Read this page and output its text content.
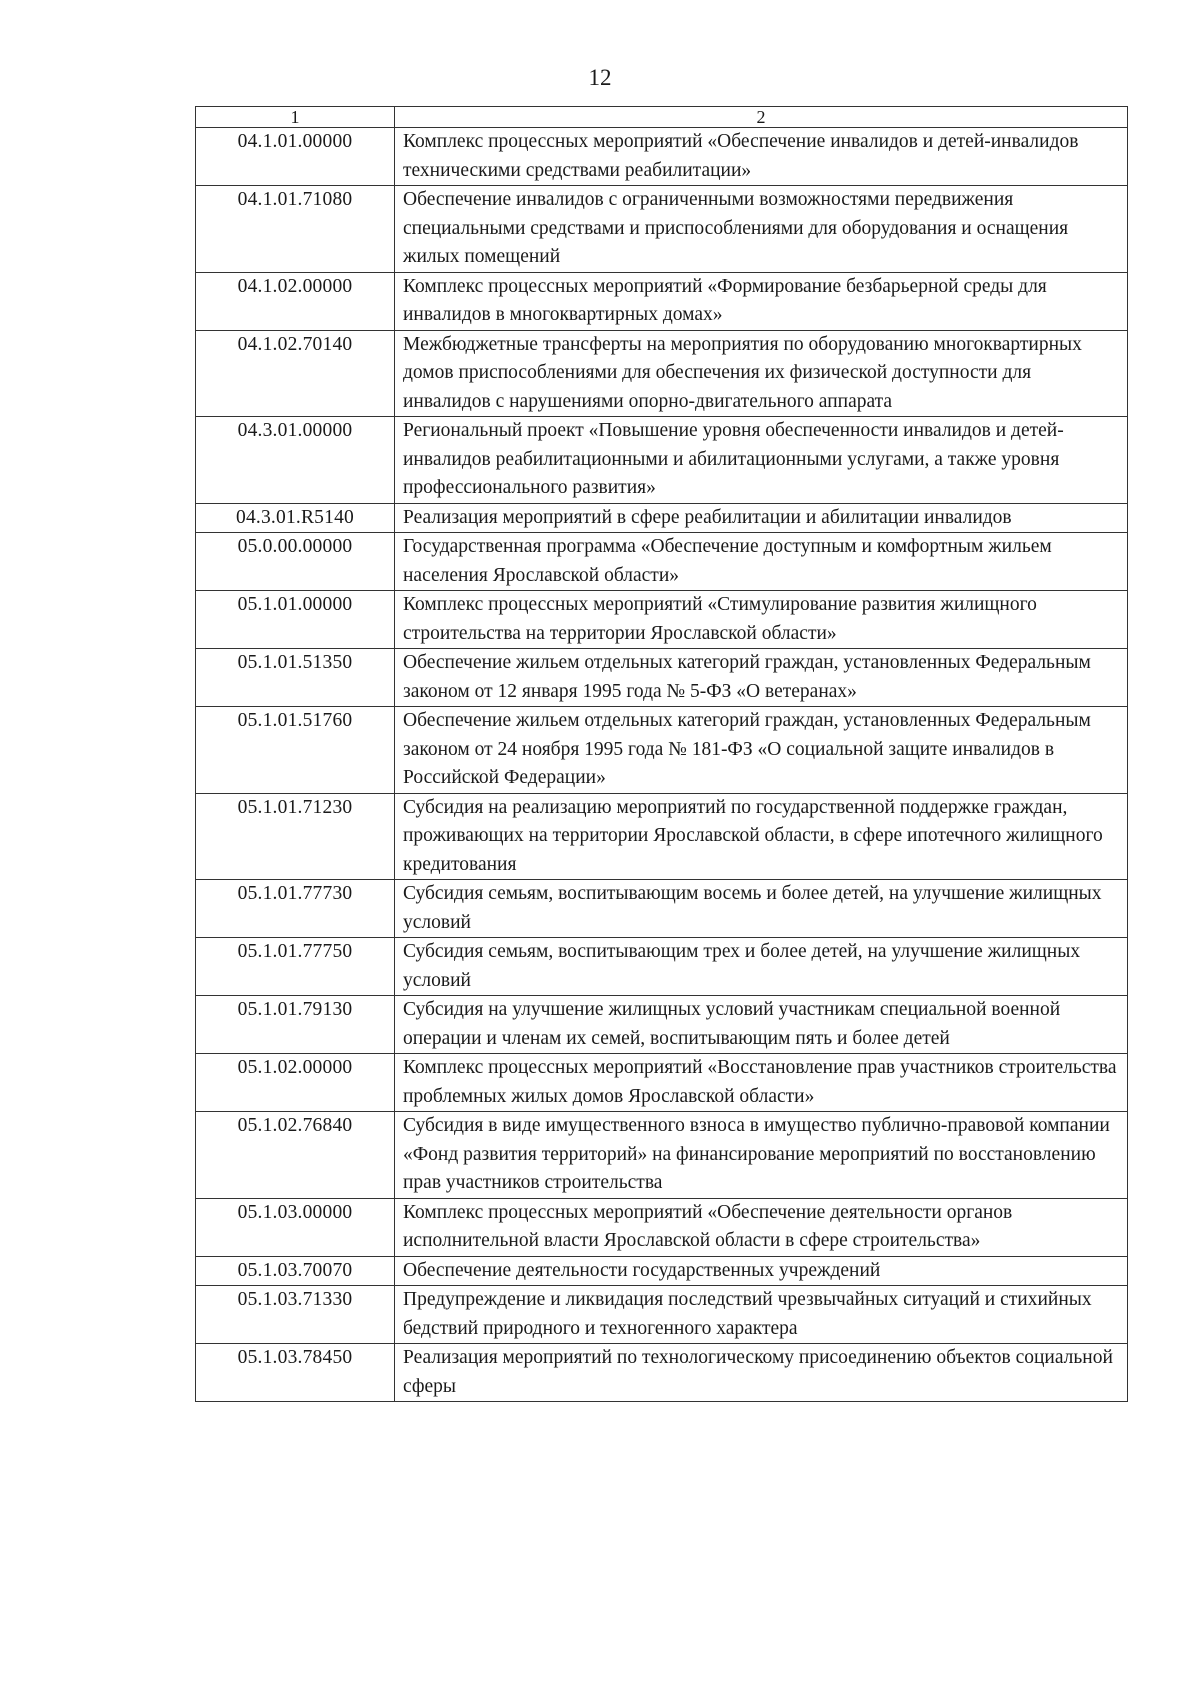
12
1	2
04.1.01.00000	Комплекс процессных мероприятий «Обеспечение инвалидов и детей-инвалидов техническими средствами реабилитации»
04.1.01.71080	Обеспечение инвалидов с ограниченными возможностями передвижения специальными средствами и приспособлениями для оборудования и оснащения жилых помещений
04.1.02.00000	Комплекс процессных мероприятий «Формирование безбарьерной среды для инвалидов в многоквартирных домах»
04.1.02.70140	Межбюджетные трансферты на мероприятия по оборудованию многоквартирных домов приспособлениями для обеспечения их физической доступности для инвалидов с нарушениями опорно-двигательного аппарата
04.3.01.00000	Региональный проект «Повышение уровня обеспеченности инвалидов и детей-инвалидов реабилитационными и абилитационными услугами, а также уровня профессионального развития»
04.3.01.R5140	Реализация мероприятий в сфере реабилитации и абилитации инвалидов
05.0.00.00000	Государственная программа «Обеспечение доступным и комфортным жильем населения Ярославской области»
05.1.01.00000	Комплекс процессных мероприятий «Стимулирование развития жилищного строительства на территории Ярославской области»
05.1.01.51350	Обеспечение жильем отдельных категорий граждан, установленных Федеральным законом от 12 января 1995 года № 5-ФЗ «О ветеранах»
05.1.01.51760	Обеспечение жильем отдельных категорий граждан, установленных Федеральным законом от 24 ноября 1995 года № 181-ФЗ «О социальной защите инвалидов в Российской Федерации»
05.1.01.71230	Субсидия на реализацию мероприятий по государственной поддержке граждан, проживающих на территории Ярославской области, в сфере ипотечного жилищного кредитования
05.1.01.77730	Субсидия семьям, воспитывающим восемь и более детей, на улучшение жилищных условий
05.1.01.77750	Субсидия семьям, воспитывающим трех и более детей, на улучшение жилищных условий
05.1.01.79130	Субсидия на улучшение жилищных условий участникам специальной военной операции и членам их семей, воспитывающим пять и более детей
05.1.02.00000	Комплекс процессных мероприятий «Восстановление прав участников строительства проблемных жилых домов Ярославской области»
05.1.02.76840	Субсидия в виде имущественного взноса в имущество публично-правовой компании «Фонд развития территорий» на финансирование мероприятий по восстановлению прав участников строительства
05.1.03.00000	Комплекс процессных мероприятий «Обеспечение деятельности органов исполнительной власти Ярославской области в сфере строительства»
05.1.03.70070	Обеспечение деятельности государственных учреждений
05.1.03.71330	Предупреждение и ликвидация последствий чрезвычайных ситуаций и стихийных бедствий природного и техногенного характера
05.1.03.78450	Реализация мероприятий по технологическому присоединению объектов социальной сферы
